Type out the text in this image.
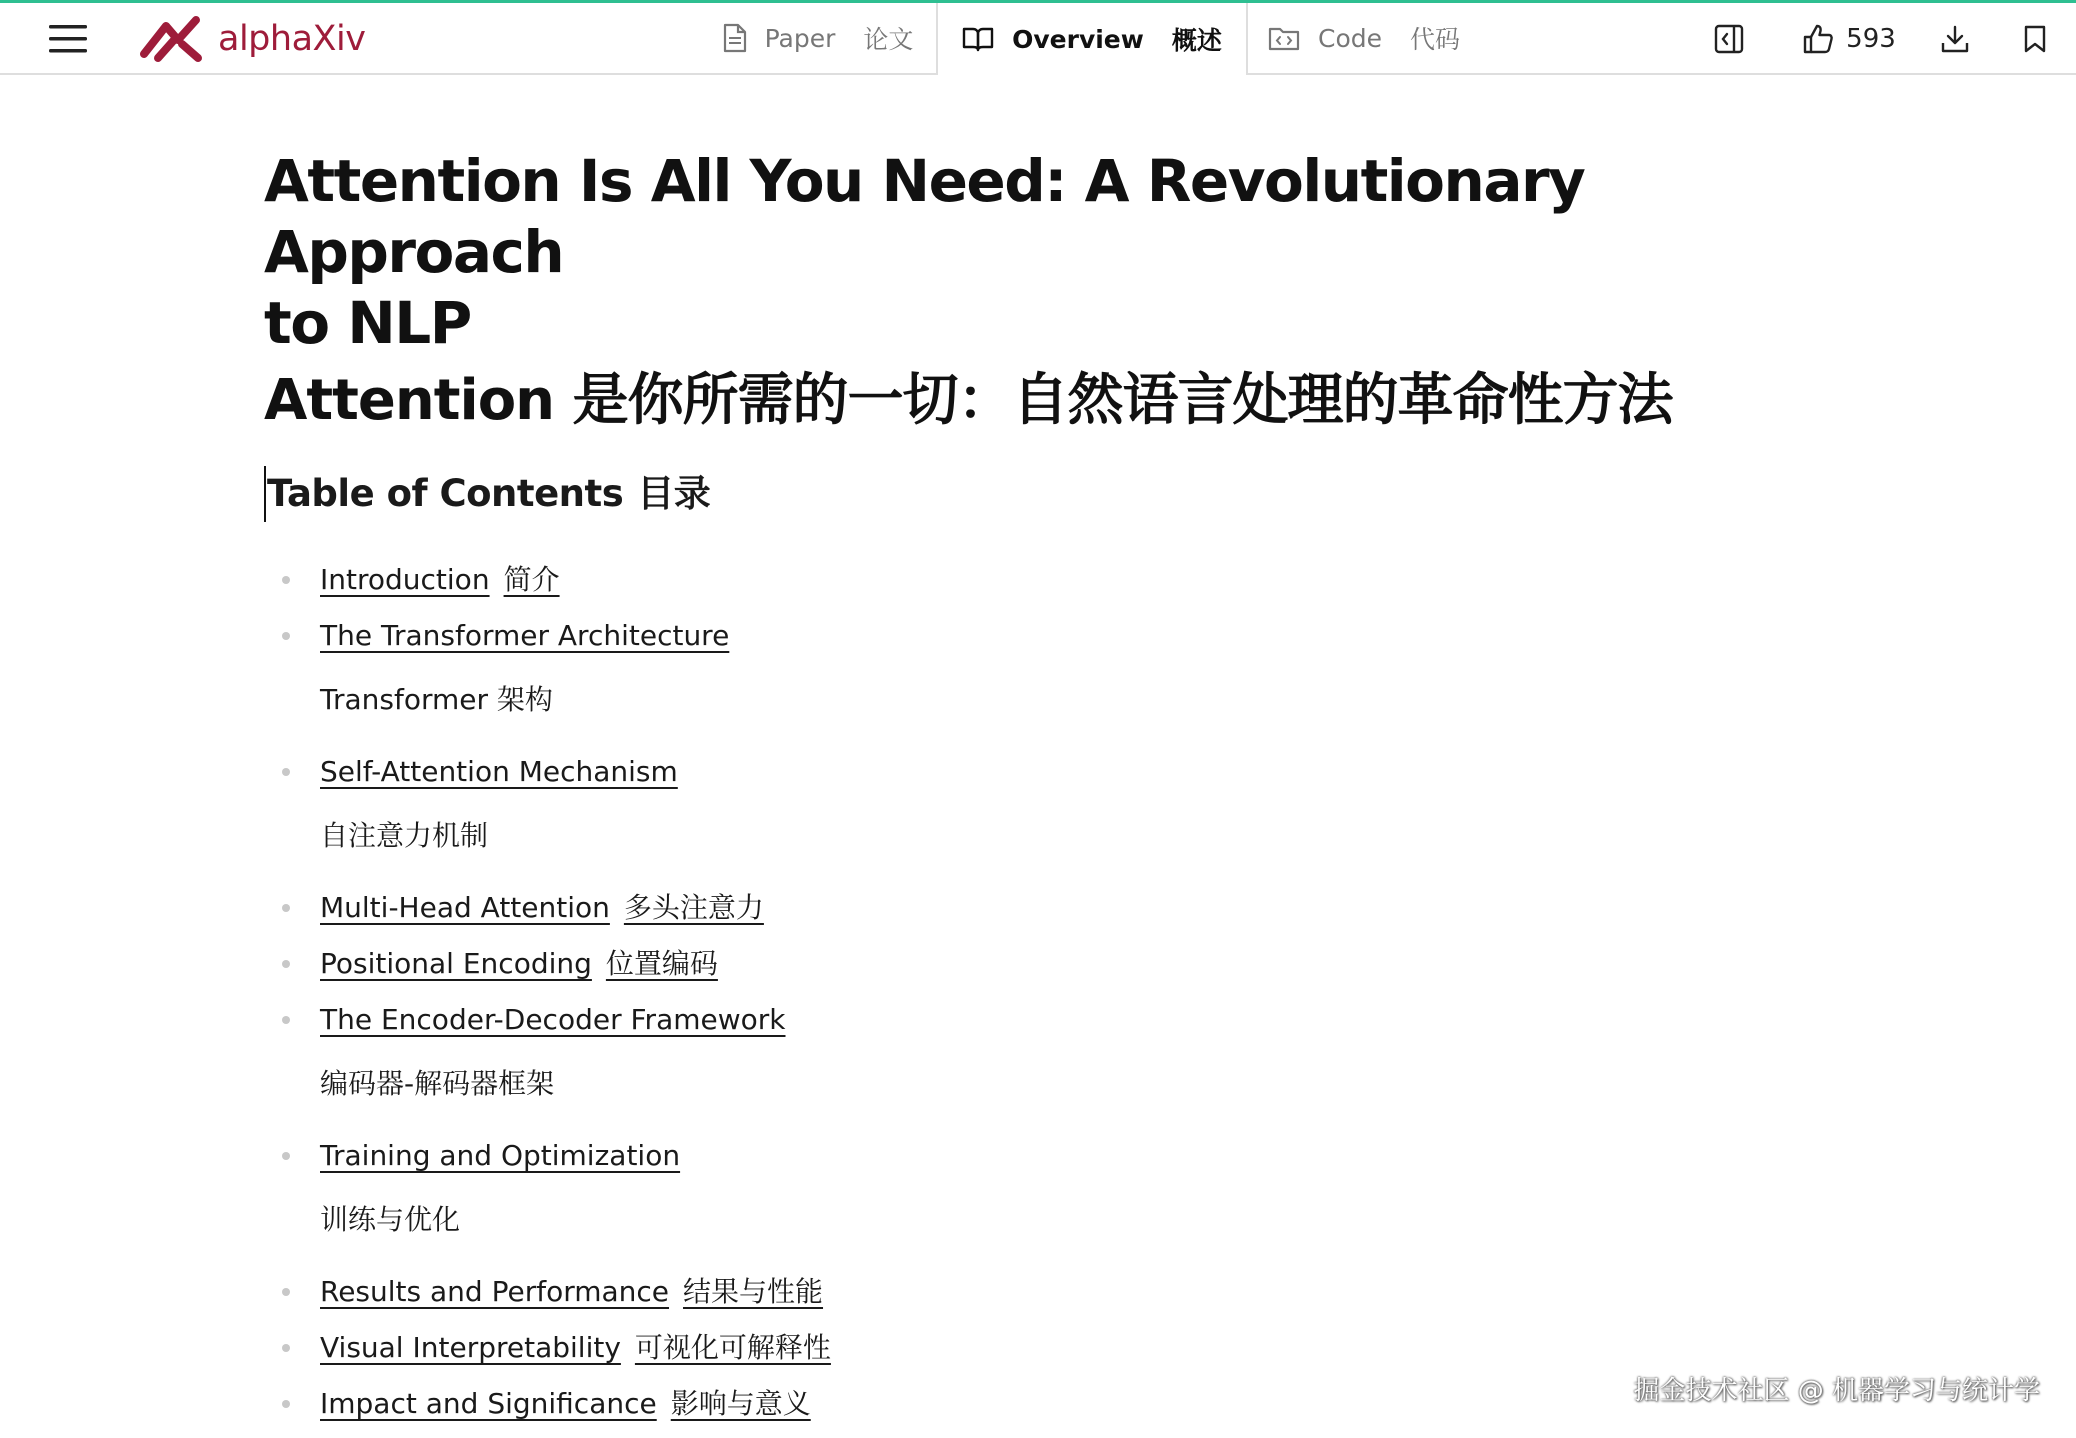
alphaXiv	Paper 论文	Overview 概述	Code 代码	593
Attention Is All You Need: A Revolutionary Approach
to NLP
Attention 是你所需的一切：自然语言处理的革命性方法
Table of Contents 目录
Introduction 简介
The Transformer Architecture
Transformer 架构
Self-Attention Mechanism
自注意力机制
Multi-Head Attention 多头注意力
Positional Encoding 位置编码
The Encoder-Decoder Framework
编码器-解码器框架
Training and Optimization
训练与优化
Results and Performance 结果与性能
Visual Interpretability 可视化可解释性
Impact and Significance 影响与意义	掘金技术社区 @ 机器学习与统计学
